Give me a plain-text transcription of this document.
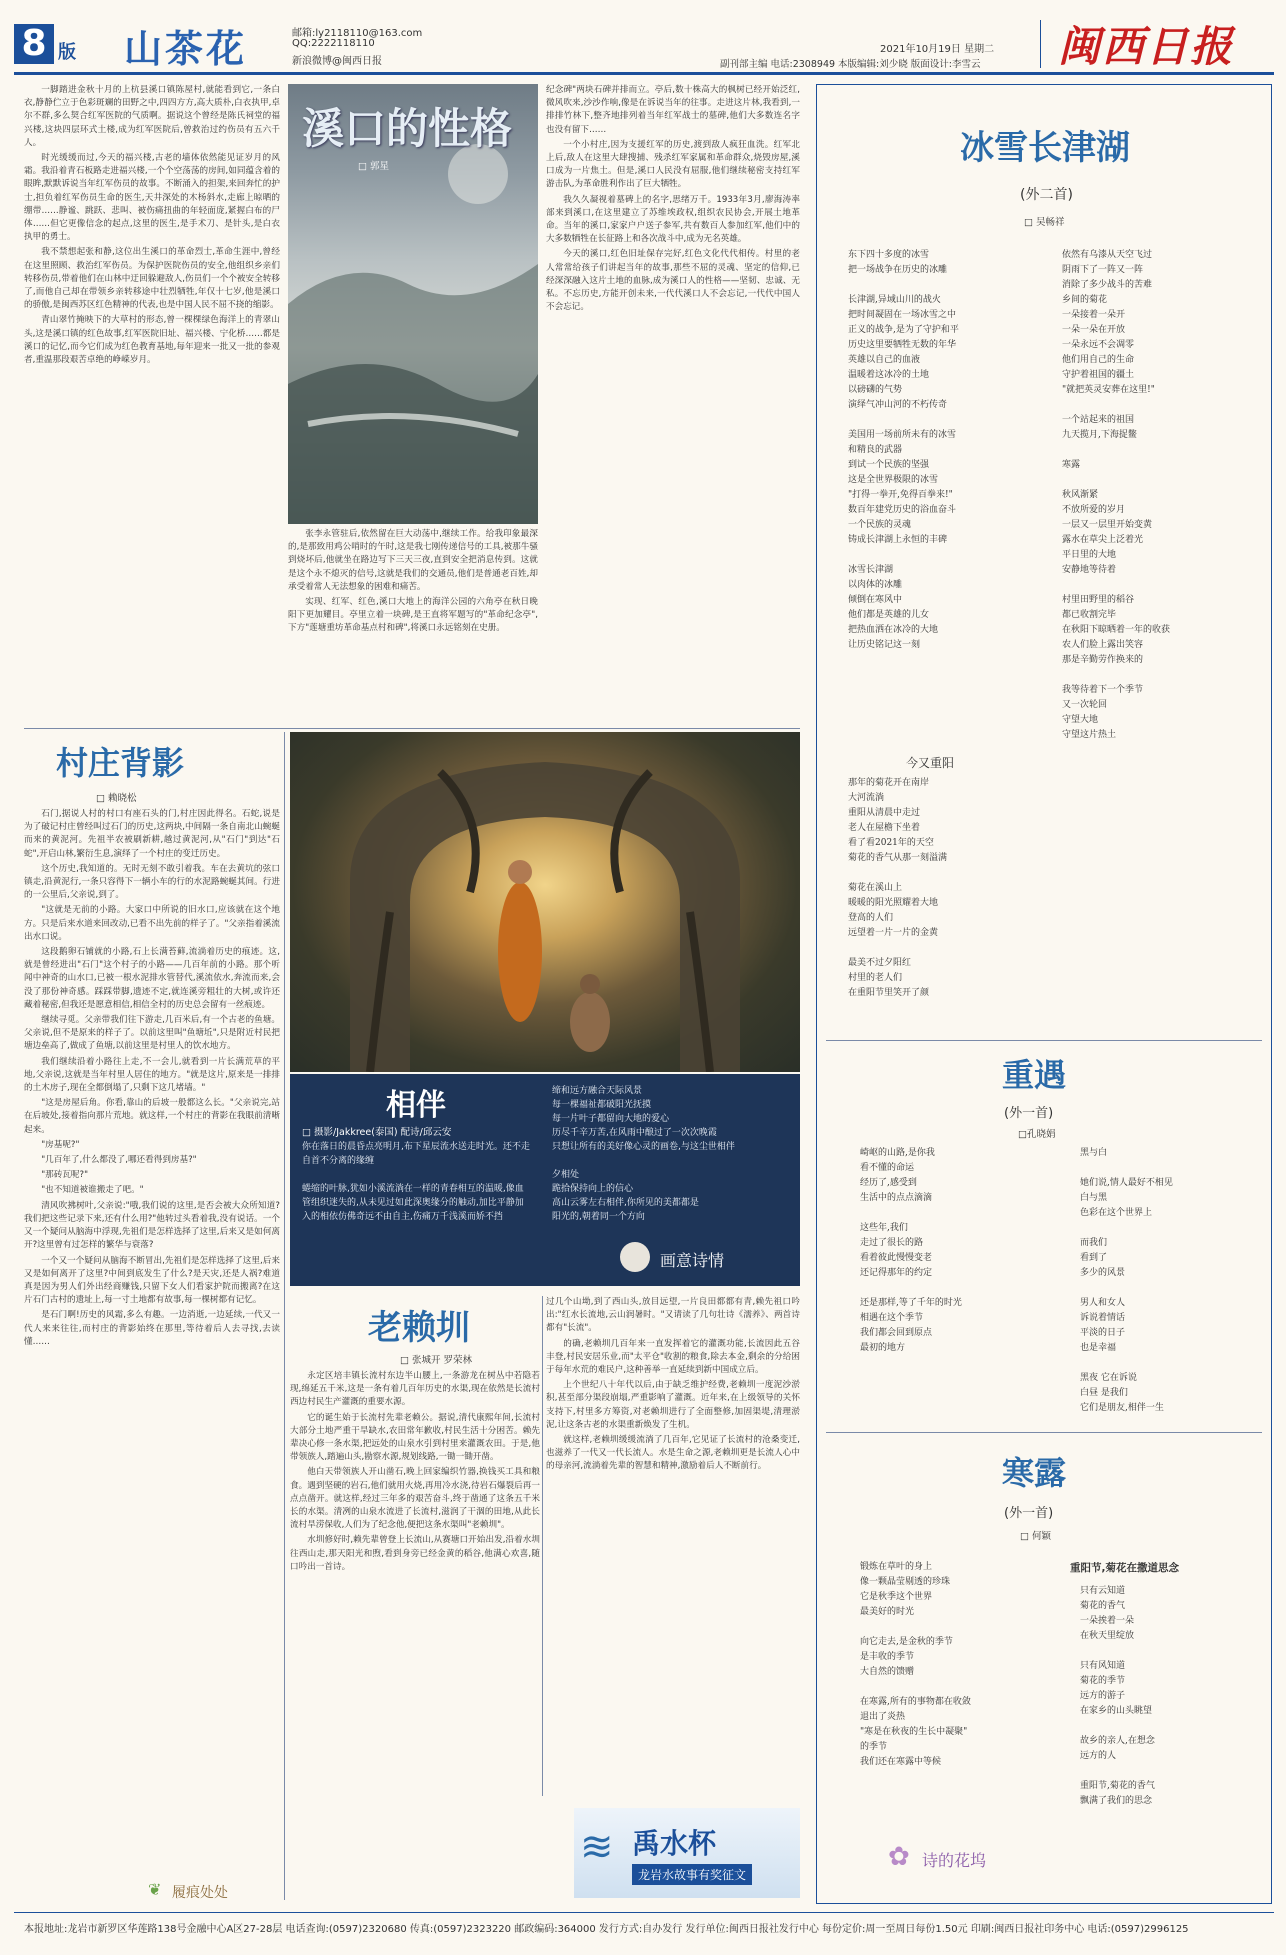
8 版 山茶花	邮箱:ly2118110@163.com
QQ:2222118110
新浪微博@闽西日报
2021年10月19日 星期二
副刊部主编 电话:2308949 本版编辑:刘少晓 版面设计:李雪云 闽西日报

一脚踏进金秋十月的上杭县溪口镇陈屋村,就能看到它,一条白衣,静静伫立于色彩斑斓的田野之中,四四方方,高大质朴,白衣执甲,卓尔不群,多么契合红军医院的气质啊。据说这个曾经是陈氏祠堂的福兴楼,这块四层环式土楼,成为红军医院后,曾救治过约伤员有五六千人。

时光缓缓而过,今天的福兴楼,古老的墙体依然能见证岁月的风霜。我沿着青石板路走进福兴楼,一个个空荡荡的房间,如同蕴含着的眼眸,默默诉说当年红军伤员的故事。不断涌入的担架,来回奔忙的护士,担负着红军伤员生命的医生,天井深处的木杨斜水,走廊上晾晒的绷带……静谧、跳跃、悲叫、被伤痛扭曲的年轻面庞,紧握白布的尸体……但它更像信念的起点,这里的医生,是手术刀、是针头,是白衣执甲的勇士。

我不禁想起张和静,这位出生溪口的革命烈士,革命生涯中,曾经在这里照顾、救治红军伤员。为保护医院伤员的安全,他组织乡亲们转移伤员,带着他们在山林中迂回躲避敌人,伤员们一个个被安全转移了,而他自己却在带领乡亲转移途中壮烈牺牲,年仅十七岁,他是溪口的骄傲,是闽西苏区红色精神的代表,也是中国人民不屈不挠的缩影。

青山翠竹掩映下的大草村的形态,曾一棵棵绿色海洋上的青翠山头,这是溪口镇的红色故事,红军医院旧址、福兴楼、宁化桥……都是溪口的记忆,而今它们成为红色教育基地,每年迎来一批又一批的参观者,重温那段艰苦卓绝的峥嵘岁月。

溪口的性格
□ 郭星

张李永管驻后,依然留在巨大动荡中,继续工作。给我印象最深的,是那致用鸡公哨时的午时,这是我七刚传递信号的工具,被那牛骚到烧坏后,他就坐在路边写下三天三夜,直到安全把消息传到。这就是这个永不熄灭的信号,这就是我们的交通员,他们是普通老百姓,却承受着常人无法想象的困难和痛苦。

实现、红军、红色,溪口大地上的海洋公园的六角亭在秋日晚阳下更加耀目。亭里立着一块碑,是王直将军题写的"革命纪念亭",下方"莲塘重坊革命基点村和碑",将溪口永远铭刻在史册。

纪念碑"两块石碑并排而立。亭后,数十株高大的枫树已经开始泛红,微风吹来,沙沙作响,像是在诉说当年的往事。走进这片林,我看到,一排排竹林下,整齐地排列着当年红军战士的墓碑,他们大多数连名字也没有留下……

一个小村庄,因为支援红军的历史,渡到敌人疯狂血洗。红军北上后,敌人在这里大肆搜捕、残杀红军家属和革命群众,烧毁房屋,溪口成为一片焦土。但是,溪口人民没有屈服,他们继续秘密支持红军游击队,为革命胜利作出了巨大牺牲。

我久久凝视着墓碑上的名字,思绪万千。1933年3月,廖海涛率部来到溪口,在这里建立了苏维埃政权,组织农民协会,开展土地革命。当年的溪口,家家户户送子参军,共有数百人参加红军,他们中的大多数牺牲在长征路上和各次战斗中,成为无名英雄。

今天的溪口,红色旧址保存完好,红色文化代代相传。村里的老人常常给孩子们讲起当年的故事,那些不屈的灵魂、坚定的信仰,已经深深融入这片土地的血脉,成为溪口人的性格——坚韧、忠诚、无私。不忘历史,方能开创未来,一代代溪口人不会忘记,一代代中国人不会忘记。

村庄背影
□ 赖晓松

石门,据说人村的村口有座石头的门,村庄因此得名。石蛇,说是为了破记村庄曾经叫过石门的历史,这两块,中间隔一条自南北山蜿蜒而来的黄泥河。先祖半农被刷新耕,越过黄泥河,从"石门"到达"石蛇",开启山林,繁衍生息,演绎了一个村庄的变迁历史。

这个历史,我知道的。无时无刻不敢引着我。车在去黄坑的弦口镇走,沿黄泥行,一条只容得下一辆小车的行的水泥路蜿蜒其间。行进的一公里后,父亲说,到了。

"这就是无前的小路。大家口中所说的旧水口,应该就在这个地方。只是后来水道来回改动,已看不出先前的样子了。"父亲指着溪流出水口说。

这段鹅卵石铺就的小路,石上长满苔藓,流淌着历史的痕迹。这,就是曾经进出"石门"这个村子的小路——几百年前的小路。那个听闻中神奇的山水口,已被一根水泥排水管替代,溪流依水,奔流而来,会没了那份神奇感。踩踩带脚,遗迹不定,就连溪旁粗壮的大树,或许还藏着秘密,但我还是愿意相信,相信全村的历史总会留有一丝痕迹。

继续寻觅。父亲带我们往下游走,几百米后,有一个古老的鱼塘。父亲说,但不是原来的样子了。以前这里叫"鱼塘坵",只是附近村民把塘边垒高了,做成了鱼塘,以前这里是村里人的饮水地方。

我们继续沿着小路往上走,不一会儿,就看到一片长满荒草的平地,父亲说,这就是当年村里人居住的地方。"就是这片,原来是一排排的土木房子,现在全都倒塌了,只剩下这几堵墙。"

"这是房屋后角。你看,靠山的后坡一般都这么长。"父亲说完,站在后坡处,接着指向那片荒地。就这样,一个村庄的背影在我眼前清晰起来。

"房基呢?"

"几百年了,什么都没了,哪还看得到房基?"

"那砖瓦呢?"

"也不知道被谁搬走了吧。"

清风吹拂树叶,父亲说:"哦,我们说的这里,是否会被大众所知道?我们把这些记录下来,还有什么用?"他转过头看着我,没有说话。一个又一个疑问从脑海中浮现,先祖们是怎样选择了这里,后来又是如何离开?这里曾有过怎样的繁华与衰落?

一个又一个疑问从脑海不断冒出,先祖们是怎样选择了这里,后来又是如何离开了这里?中间到底发生了什么?是天灾,还是人祸?难道真是因为男人们外出经商赚钱,只留下女人们看家护院而搬离?在这片石门古村的遗址上,每一寸土地都有故事,每一棵树都有记忆。

是石门啊!历史的风霜,多么有趣。一边消逝,一边延续,一代又一代人来来往往,而村庄的背影始终在那里,等待着后人去寻找,去读懂……

❦ 履痕处处
相伴
□ 摄影/Jakkree(泰国) 配诗/邱云安
你在落日的晨昏点亮明月,布下星辰流水送走时光。还不走自首不分离的缘缠

蜷缩的叶脉,犹如小溪流淌在一样的青春相互的温暖,像血管组织迷失的,从未见过如此深奥缘分的触动,加比平静加入的相依仿佛奇远不由自主,伤痛万千浅溪而娇不挡
缔和远方融合天际风景
每一棵福祉都破阳光抚摸
每一片叶子都留向大地的爱心
历尽千辛万苦,在风雨中酿过了一次次晚霞
只想让所有的美好像心灵的画卷,与这尘世相伴

夕相处
跪拾保持向上的信心
高山云雾左右相伴,你所见的美都都是
阳光的,朝着同一个方向
画意诗情
老赖圳
□ 张城开 罗荣林

永定区培丰镇长流村东边半山腰上,一条游龙在树丛中若隐若现,绵延五千米,这是一条有着几百年历史的水渠,现在依然是长流村西边村民生产灌溉的重要水源。

它的诞生始于长流村先辈老赖公。据说,清代康熙年间,长流村大部分土地严重干旱缺水,农田常年歉收,村民生活十分困苦。赖先辈决心修一条水渠,把远处的山泉水引到村里来灌溉农田。于是,他带领族人,踏遍山头,勘察水源,规划线路,一锄一锄开凿。

他白天带领族人开山凿石,晚上回家编织竹器,换钱买工具和粮食。遇到坚硬的岩石,他们就用火烧,再用冷水浇,待岩石爆裂后再一点点凿开。就这样,经过三年多的艰苦奋斗,终于凿通了这条五千米长的水渠。清冽的山泉水流进了长流村,滋润了干涸的田地,从此长流村旱涝保收,人们为了纪念他,便把这条水渠叫"老赖圳"。

水圳修好时,赖先辈曾登上长流山,从赛塘口开始出发,沿着水圳往西山走,那天阳光和煦,看到身旁已经金黄的稻谷,他满心欢喜,随口吟出一首诗。

过几个山坳,到了西山头,放目远望,一片良田都都有青,赖先祖口吟出:"红水长流地,云山润暑时。"又请读了几句壮诗《濡养》、两首诗都有"长流"。

的确,老赖圳几百年来一直发挥着它的灌溉功能,长流因此五谷丰登,村民安居乐业,而"太平仓"收割的粮食,除去本金,剩余的分给困于每年水荒的难民户,这种善举一直延续到新中国成立后。

上个世纪八十年代以后,由于缺乏维护经费,老赖圳一度泥沙淤积,甚至部分渠段崩塌,严重影响了灌溉。近年来,在上级领导的关怀支持下,村里多方筹资,对老赖圳进行了全面整修,加固渠堤,清理淤泥,让这条古老的水渠重新焕发了生机。

就这样,老赖圳缓缓流淌了几百年,它见证了长流村的沧桑变迁,也滋养了一代又一代长流人。水是生命之源,老赖圳更是长流人心中的母亲河,流淌着先辈的智慧和精神,激励着后人不断前行。

≋ 禹水杯
龙岩水故事有奖征文
冰雪长津湖
(外二首)
□ 吴畅祥
东下四十多度的冰雪
把一场战争在历史的冰雕

长津湖,异域山川的战火
把时间凝固在一场冰雪之中
正义的战争,是为了守护和平
历史这里要牺牲无数的年华
英雄以自己的血液
温暖着这冰冷的土地
以磅礴的气势
演绎气冲山河的不朽传奇

美国用一场前所未有的冰雪
和精良的武器
到试一个民族的坚强
这是全世界极限的冰雪
"打得一拳开,免得百拳来!"
数百年建党历史的浴血奋斗
一个民族的灵魂
铸成长津湖上永恒的丰碑

冰雪长津湖
以肉体的冰雕
倾倒在寒风中
他们都是英雄的儿女
把热血洒在冰冷的大地
让历史铭记这一刻
依然有乌漆从天空飞过
阴雨下了一阵又一阵
消除了多少战斗的苦难
乡间的菊花
一朵接着一朵开
一朵一朵在开放
一朵永远不会凋零
他们用自己的生命
守护着祖国的疆土
"就把英灵安葬在这里!"

一个站起来的祖国
九天揽月,下海捉鳖

寒露

秋风渐紧
不放所爱的岁月
一层又一层里开始变黄
露水在草尖上泛着光
平日里的大地
安静地等待着

村里田野里的稻谷
都已收割完毕
在秋阳下晾晒着一年的收获
农人们脸上露出笑容
那是辛勤劳作换来的

我等待着下一个季节
又一次轮回
守望大地
守望这片热土
今又重阳
那年的菊花开在南岸
大河流淌
重阳从清晨中走过
老人在屋檐下坐着
看了看2021年的天空
菊花的香气从那一刻溢满

菊花在溪山上
暖暖的阳光照耀着大地
登高的人们
远望着一片一片的金黄

最美不过夕阳红
村里的老人们
在重阳节里笑开了颜
重遇
(外一首)
□孔晓娟
崎岖的山路,是你我
看不懂的命运
经历了,感受到
生活中的点点滴滴

这些年,我们
走过了很长的路
看着彼此慢慢变老
还记得那年的约定

还是那样,等了千年的时光
相遇在这个季节
我们都会回到原点
最初的地方
黑与白

她们说,情人最好不相见
白与黑
色彩在这个世界上

而我们
看到了
多少的风景

男人和女人
诉说着情话
平淡的日子
也是幸福

黑夜 它在诉说
白昼 是我们
它们是朋友,相伴一生
寒露
(外一首)
□ 何颖
锻炼在草叶的身上
像一颗晶莹剔透的珍珠
它是秋季这个世界
最美好的时光

向它走去,是金秋的季节
是丰收的季节
大自然的馈赠

在寒露,所有的事物都在收敛
退出了炎热
"寒是在秋夜的生长中凝聚"
的季节
我们还在寒露中等候
重阳节,菊花在撒道思念
只有云知道
菊花的香气
一朵挨着一朵
在秋天里绽放

只有风知道
菊花的季节
远方的游子
在家乡的山头眺望

故乡的亲人,在想念
远方的人

重阳节,菊花的香气
飘满了我们的思念
✿ 诗的花坞
本报地址:龙岩市新罗区华莲路138号金融中心A区27-28层 电话查询:(0597)2320680 传真:(0597)2323220 邮政编码:364000 发行方式:自办发行 发行单位:闽西日报社发行中心 每份定价:周一至周日每份1.50元 印刷:闽西日报社印务中心 电话:(0597)2996125
